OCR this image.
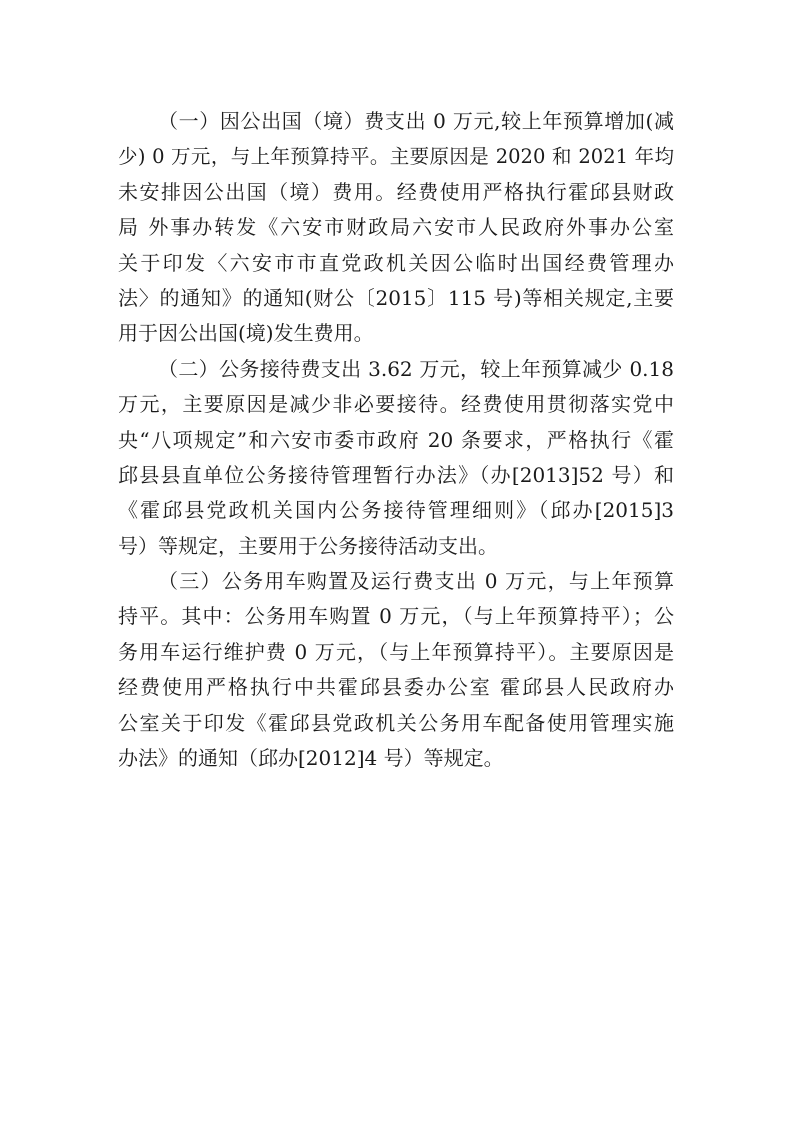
（一）因公出国（境）费支出 0 万元,较上年预算增加(减
少) 0 万元，与上年预算持平。主要原因是 2020 和 2021 年均
未安排因公出国（境）费用。经费使用严格执行霍邱县财政
局 外事办转发《六安市财政局六安市人民政府外事办公室
关于印发〈六安市市直党政机关因公临时出国经费管理办
法〉的通知》的通知(财公〔2015〕115 号)等相关规定,主要
用于因公出国(境)发生费用。
（二）公务接待费支出 3.62 万元，较上年预算减少 0.18
万元，主要原因是减少非必要接待。经费使用贯彻落实党中
央“八项规定”和六安市委市政府 20 条要求，严格执行《霍
邱县县直单位公务接待管理暂行办法》（办[2013]52 号）和
《霍邱县党政机关国内公务接待管理细则》（邱办[2015]3
号）等规定，主要用于公务接待活动支出。
（三）公务用车购置及运行费支出 0 万元，与上年预算
持平。其中：公务用车购置 0 万元，（与上年预算持平）；公
务用车运行维护费 0 万元，（与上年预算持平）。主要原因是
经费使用严格执行中共霍邱县委办公室 霍邱县人民政府办
公室关于印发《霍邱县党政机关公务用车配备使用管理实施
办法》的通知（邱办[2012]4 号）等规定。
